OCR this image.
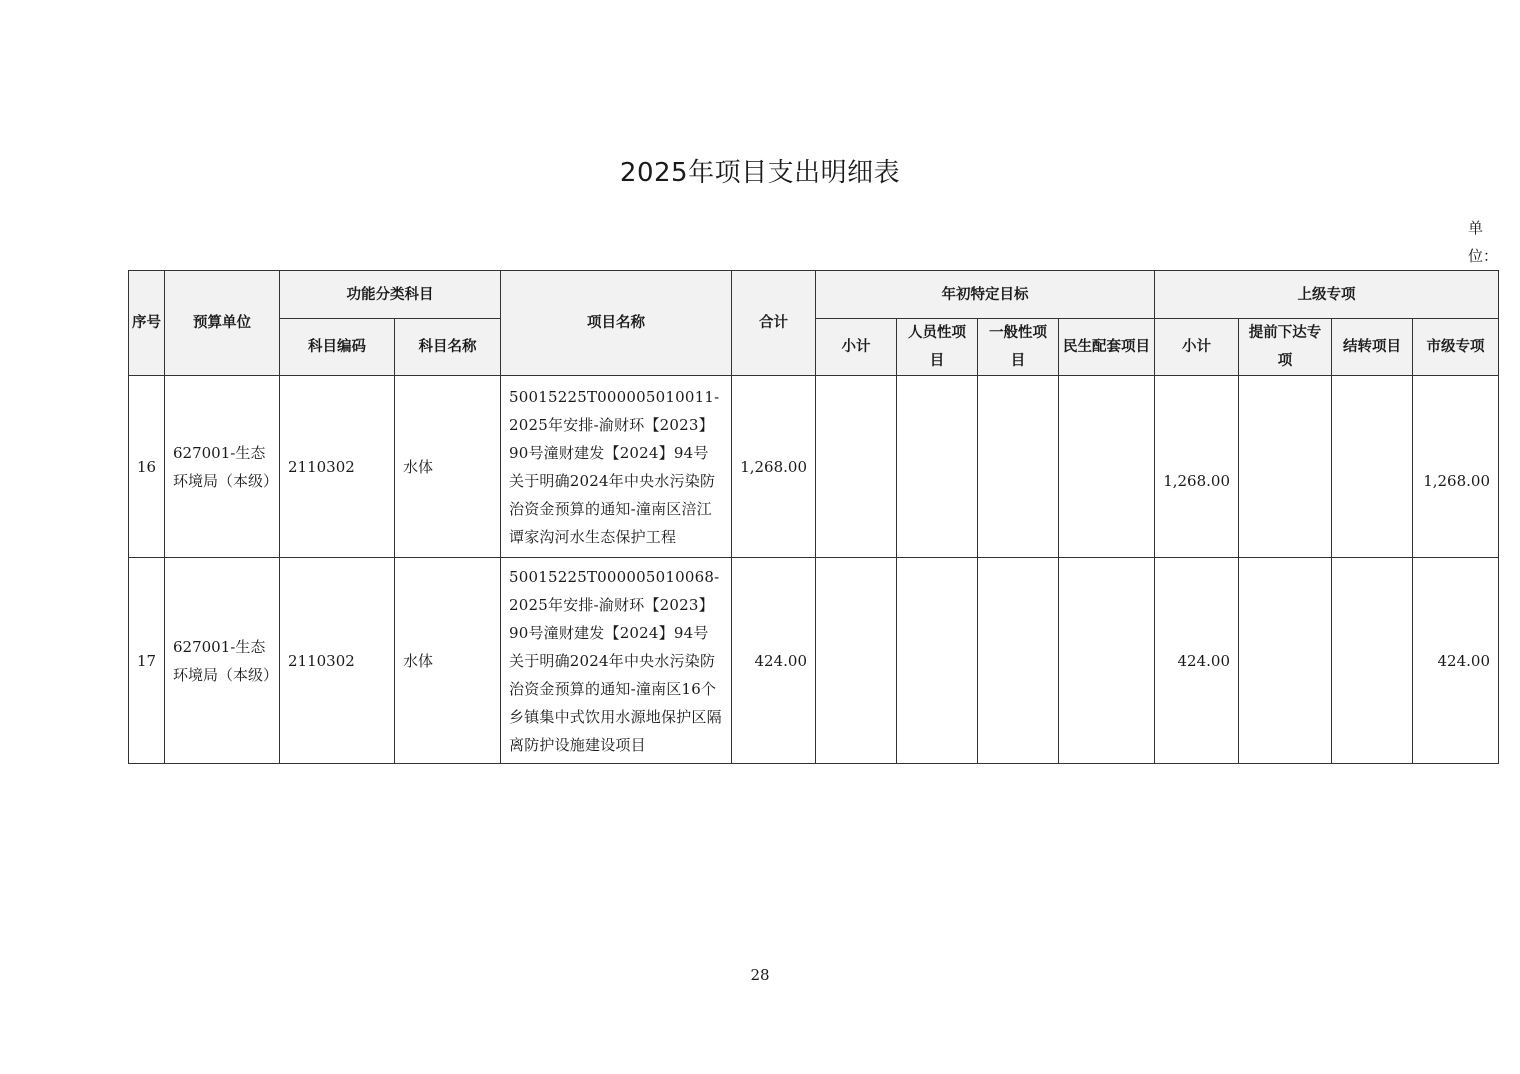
2025年项目支出明细表
单位：
序号	预算单位	功能分类科目		项目名称	合计	年初特定目标				上级专项			
		科目编码	科目名称			小计	人员性项目	一般性项目	民生配套项目	小计	提前下达专项	结转项目	市级专项
16	627001-生态环境局（本级）	2110302	水体	50015225T000005010011-2025年安排-渝财环【2023】90号潼财建发【2024】94号关于明确2024年中央水污染防治资金预算的通知-潼南区涪江谭家沟河水生态保护工程	1,268.00					1,268.00			1,268.00
17	627001-生态环境局（本级）	2110302	水体	50015225T000005010068-2025年安排-渝财环【2023】90号潼财建发【2024】94号关于明确2024年中央水污染防治资金预算的通知-潼南区16个乡镇集中式饮用水源地保护区隔离防护设施建设项目	424.00					424.00			424.00
28
